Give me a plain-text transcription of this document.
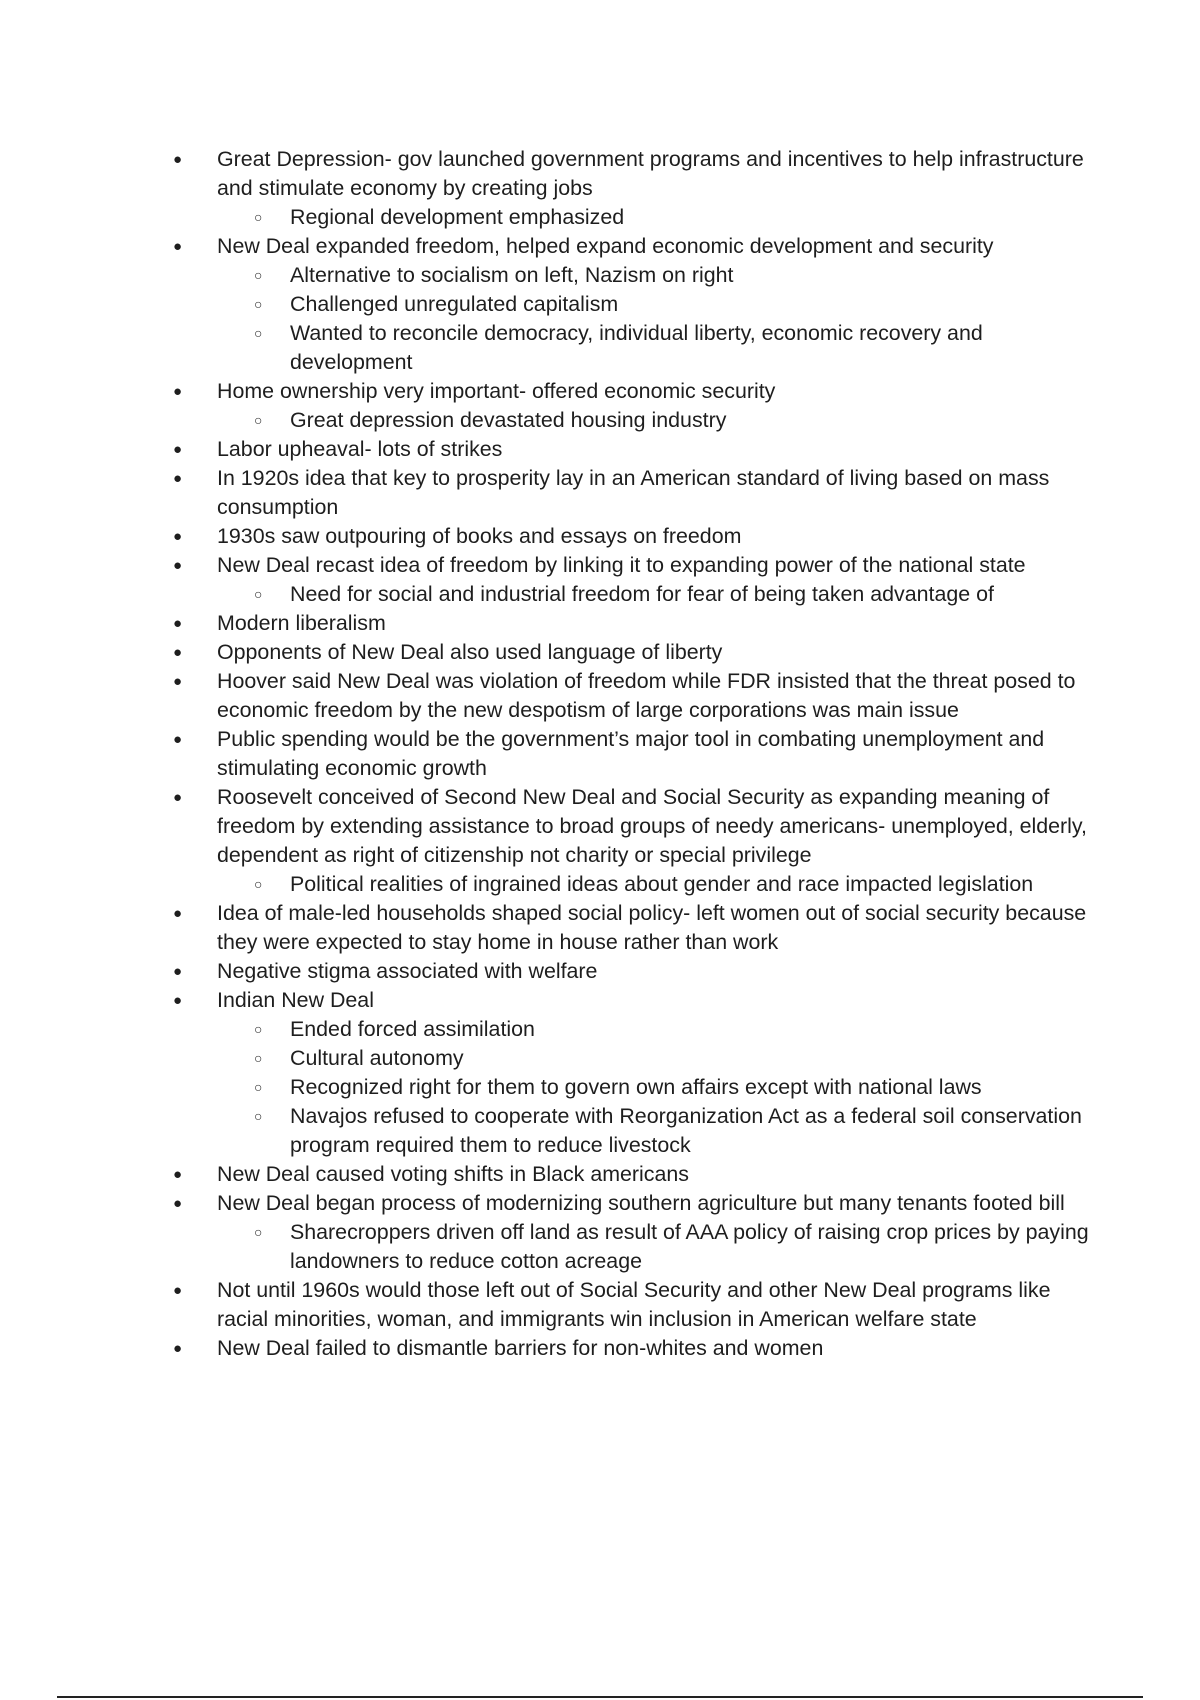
● Great Depression- gov launched government programs and incentives to help infrastructure and stimulate economy by creating jobs
○ Regional development emphasized
● New Deal expanded freedom, helped expand economic development and security
○ Alternative to socialism on left, Nazism on right
○ Challenged unregulated capitalism
○ Wanted to reconcile democracy, individual liberty, economic recovery and development
● Home ownership very important- offered economic security
○ Great depression devastated housing industry
● Labor upheaval- lots of strikes
● In 1920s idea that key to prosperity lay in an American standard of living based on mass consumption
● 1930s saw outpouring of books and essays on freedom
● New Deal recast idea of freedom by linking it to expanding power of the national state
○ Need for social and industrial freedom for fear of being taken advantage of
● Modern liberalism
● Opponents of New Deal also used language of liberty
● Hoover said New Deal was violation of freedom while FDR insisted that the threat posed to economic freedom by the new despotism of large corporations was main issue
● Public spending would be the government’s major tool in combating unemployment and stimulating economic growth
● Roosevelt conceived of Second New Deal and Social Security as expanding meaning of freedom by extending assistance to broad groups of needy americans- unemployed, elderly, dependent as right of citizenship not charity or special privilege
○ Political realities of ingrained ideas about gender and race impacted legislation
● Idea of male-led households shaped social policy- left women out of social security because they were expected to stay home in house rather than work
● Negative stigma associated with welfare
● Indian New Deal
○ Ended forced assimilation
○ Cultural autonomy
○ Recognized right for them to govern own affairs except with national laws
○ Navajos refused to cooperate with Reorganization Act as a federal soil conservation program required them to reduce livestock
● New Deal caused voting shifts in Black americans
● New Deal began process of modernizing southern agriculture but many tenants footed bill
○ Sharecroppers driven off land as result of AAA policy of raising crop prices by paying landowners to reduce cotton acreage
● Not until 1960s would those left out of Social Security and other New Deal programs like racial minorities, woman, and immigrants win inclusion in American welfare state
● New Deal failed to dismantle barriers for non-whites and women
